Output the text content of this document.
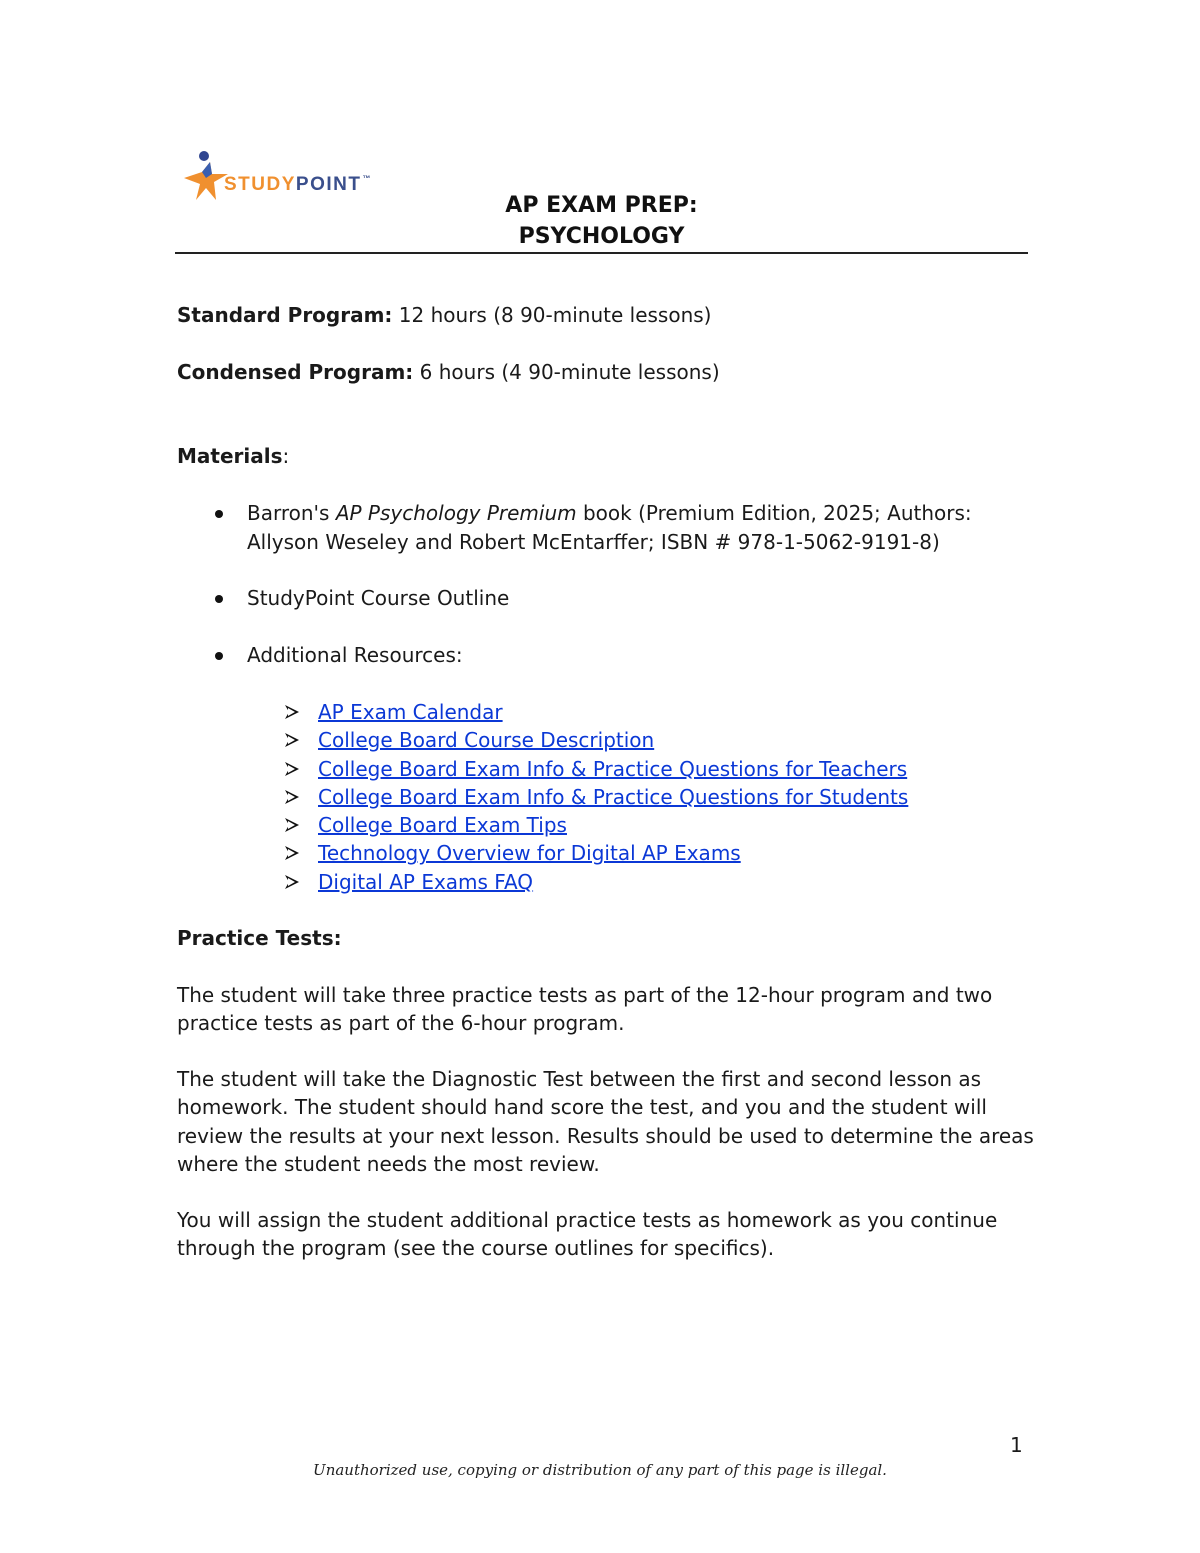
STUDYPOINT™
AP EXAM PREP:
PSYCHOLOGY
Standard Program: 12 hours (8 90-minute lessons)
Condensed Program: 6 hours (4 90-minute lessons)
Materials:
Barron's AP Psychology Premium book (Premium Edition, 2025; Authors: Allyson Weseley and Robert McEntarffer; ISBN # 978-1-5062-9191-8)
StudyPoint Course Outline
Additional Resources:
AP Exam Calendar
College Board Course Description
College Board Exam Info & Practice Questions for Teachers
College Board Exam Info & Practice Questions for Students
College Board Exam Tips
Technology Overview for Digital AP Exams
Digital AP Exams FAQ
Practice Tests:
The student will take three practice tests as part of the 12-hour program and two practice tests as part of the 6-hour program.
The student will take the Diagnostic Test between the first and second lesson as homework. The student should hand score the test, and you and the student will review the results at your next lesson. Results should be used to determine the areas where the student needs the most review.
You will assign the student additional practice tests as homework as you continue through the program (see the course outlines for specifics).
1
Unauthorized use, copying or distribution of any part of this page is illegal.
